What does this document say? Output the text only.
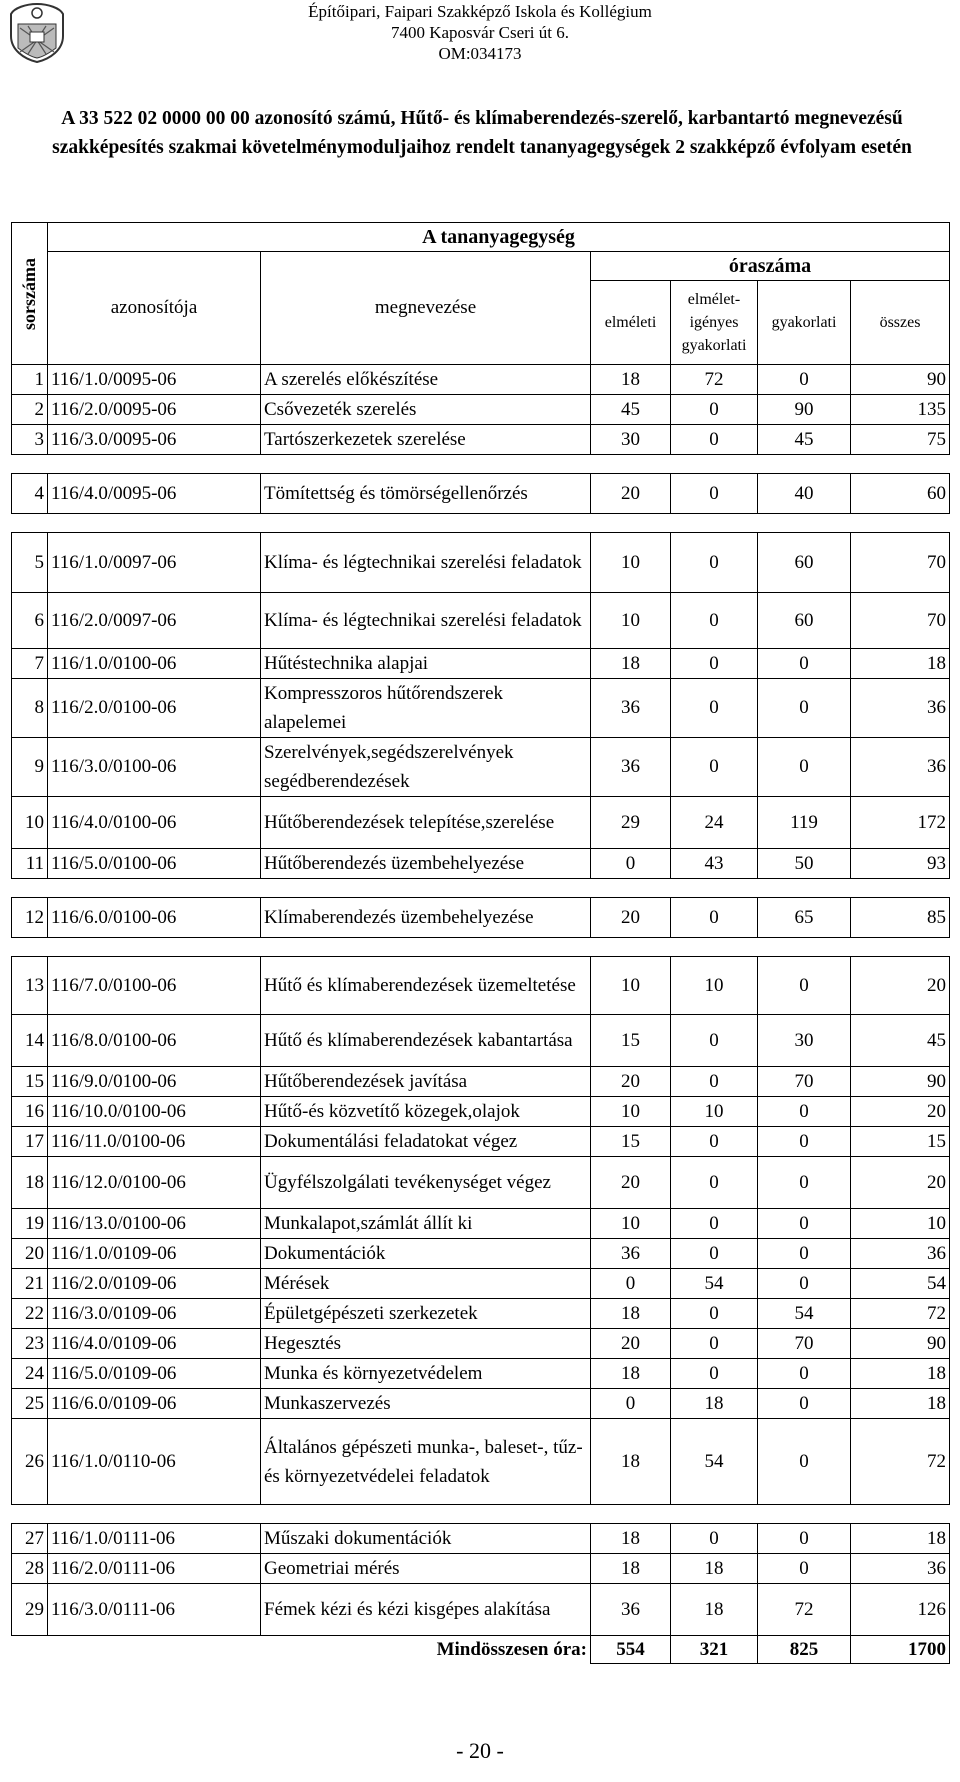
Építőipari, Faipari Szakképző Iskola és Kollégium
7400 Kaposvár Cseri út 6.
OM:034173
A 33 522 02 0000 00 00 azonosító számú, Hűtő- és klímaberendezés-szerelő, karbantartó megnevezésű szakképesítés szakmai követelménymoduljaihoz rendelt tananyagegységek 2 szakképző évfolyam esetén
sorszáma	A tananyagegység					
	azonosítója	megnevezése	óraszáma			
			elméleti	elmélet-igényes gyakorlati	gyakorlati	összes
1	116/1.0/0095-06	A szerelés előkészítése	18	72	0	90
2	116/2.0/0095-06	Csővezeték szerelés	45	0	90	135
3	116/3.0/0095-06	Tartószerkezetek szerelése	30	0	45	75

4	116/4.0/0095-06	Tömítettség és tömörségellenőrzés	20	0	40	60

5	116/1.0/0097-06	Klíma- és légtechnikai szerelési feladatok	10	0	60	70
6	116/2.0/0097-06	Klíma- és légtechnikai szerelési feladatok	10	0	60	70
7	116/1.0/0100-06	Hűtéstechnika alapjai	18	0	0	18
8	116/2.0/0100-06	Kompresszoros hűtőrendszerek alapelemei	36	0	0	36
9	116/3.0/0100-06	Szerelvények,segédszerelvények segédberendezések	36	0	0	36
10	116/4.0/0100-06	Hűtőberendezések telepítése,szerelése	29	24	119	172
11	116/5.0/0100-06	Hűtőberendezés üzembehelyezése	0	43	50	93

12	116/6.0/0100-06	Klímaberendezés üzembehelyezése	20	0	65	85

13	116/7.0/0100-06	Hűtő és klímaberendezések üzemeltetése	10	10	0	20
14	116/8.0/0100-06	Hűtő és klímaberendezések kabantartása	15	0	30	45
15	116/9.0/0100-06	Hűtőberendezések javítása	20	0	70	90
16	116/10.0/0100-06	Hűtő-és közvetítő közegek,olajok	10	10	0	20
17	116/11.0/0100-06	Dokumentálási feladatokat végez	15	0	0	15
18	116/12.0/0100-06	Ügyfélszolgálati tevékenységet végez	20	0	0	20
19	116/13.0/0100-06	Munkalapot,számlát állít ki	10	0	0	10
20	116/1.0/0109-06	Dokumentációk	36	0	0	36
21	116/2.0/0109-06	Mérések	0	54	0	54
22	116/3.0/0109-06	Épületgépészeti szerkezetek	18	0	54	72
23	116/4.0/0109-06	Hegesztés	20	0	70	90
24	116/5.0/0109-06	Munka és környezetvédelem	18	0	0	18
25	116/6.0/0109-06	Munkaszervezés	0	18	0	18
26	116/1.0/0110-06	Általános gépészeti munka-, baleset-, tűz- és környezetvédelei feladatok	18	54	0	72

27	116/1.0/0111-06	Műszaki dokumentációk	18	0	0	18
28	116/2.0/0111-06	Geometriai mérés	18	18	0	36
29	116/3.0/0111-06	Fémek kézi és kézi kisgépes alakítása	36	18	72	126
Mindösszesen óra:			554	321	825	1700
- 20 -
